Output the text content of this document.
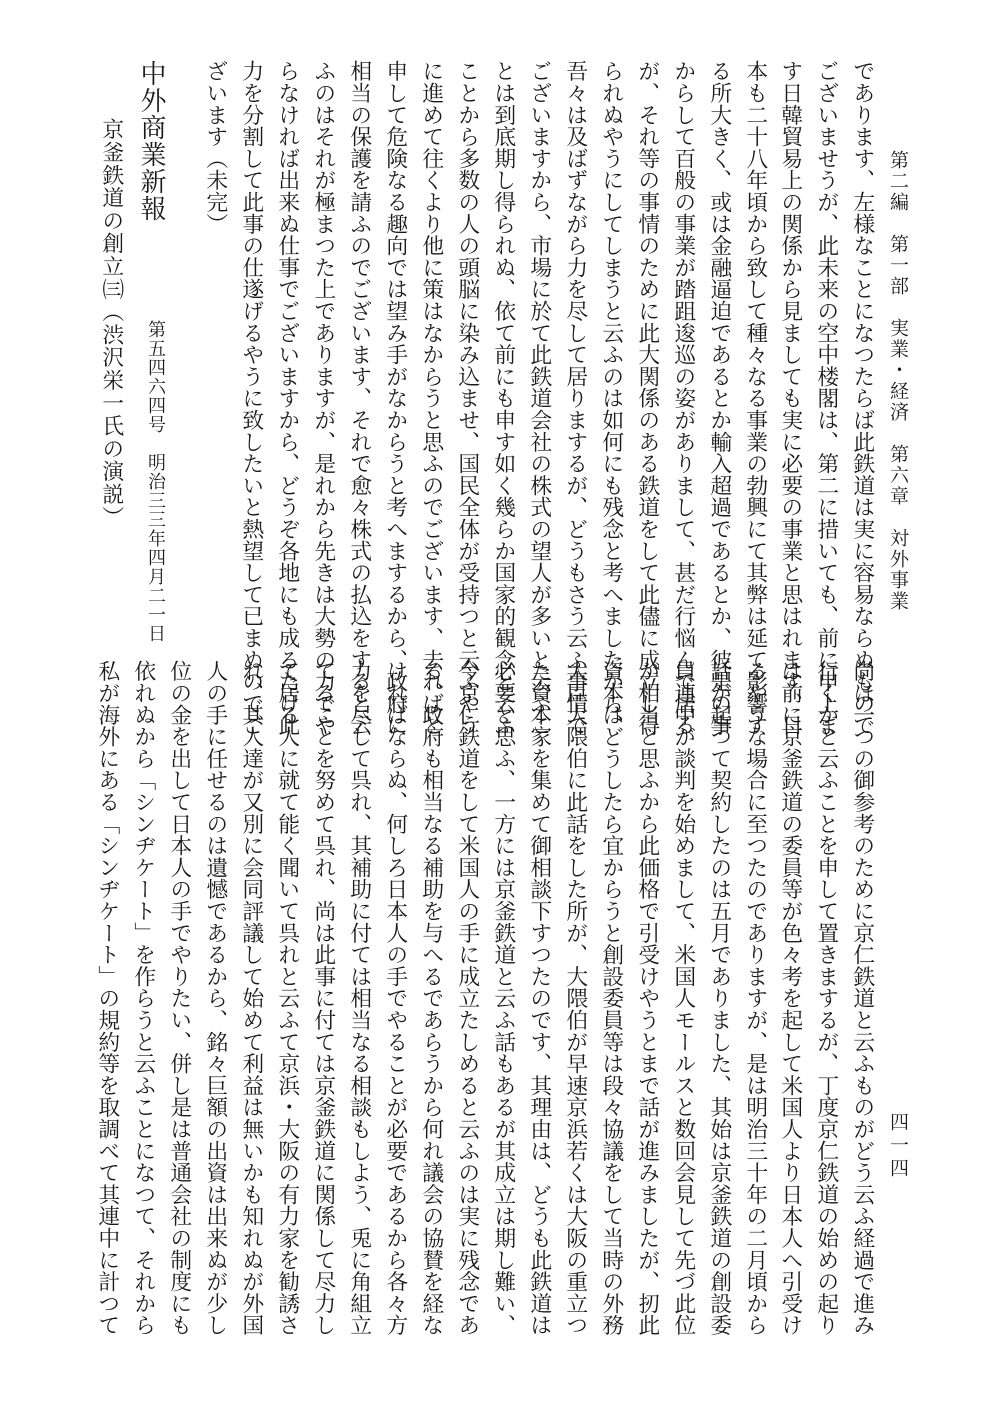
第二編　第一部　実業・経済　第六章　対外事業
四一四
であります、左様なことになつたらば此鉄道は実に容易ならぬもので
ございませうが、此未来の空中楼閣は、第二に措いても、前に申上ま
す日韓貿易上の関係から見ましても実に必要の事業と思はれます、日
本も二十八年頃から致して種々なる事業の勃興にて其弊は延て影響す
る所大きく、或は金融逼迫であるとか輸入超過であるとか、彼是の事
からして百般の事業が踏跙逡巡の姿がありまして、甚だ行悩んで居る
が、それ等の事情のために此大関係のある鉄道をして此儘に成立し得
られぬやうにしてしまうと云ふのは如何にも残念と考へましたから、
吾々は及ばずながら力を尽して居りまするが、どうもさう云ふ事情で
ございますから、市場に於て此鉄道会社の株式の望人が多いと云ふこ
とは到底期し得られぬ、依て前にも申す如く幾らか国家的観念と云ふ
ことから多数の人の頭脳に染み込ませ、国民全体が受持つと云ふやう
に進めて往くより他に策はなからうと思ふのでございます、去ればと
申して危険なる趣向では望み手がなからうと考へまするから、政府に
相当の保護を請ふのでございます、それで愈々株式の払込をすると云
ふのはそれが極まつた上でありますが、是れから先きは大勢の力でや
らなければ出来ぬ仕事でございますから、どうぞ各地にも成るたけ此
力を分割して此事の仕遂げるやうに致したいと熱望して已まぬのでご
ざいます（未完）
中外商業新報
第五四六四号　明治三三年四月二一日
京釜鉄道の創立㈢（渋沢栄一氏の演説）
尚ほ一つの御参考のために京仁鉄道と云ふものがどう云ふ経過で進み
行くかと云ふことを申して置きまするが、丁度京仁鉄道の始めの起り
は前に京釜鉄道の委員等が色々考を起して米国人より日本人へ引受け
るやうな場合に至つたのでありますが、是は明治三十年の二月頃から
話が起つて契約したのは五月でありました、其始は京釜鉄道の創設委
員連中が談判を始めまして、米国人モールスと数回会見して先づ此位
が相当と思ふから此価格で引受けやうとまで話が進みましたが、扨此
資本はどうしたら宜からうと創設委員等は段々協議をして当時の外務
大臣大隈伯に此話をした所が、大隈伯が早速京浜若くは大阪の重立つ
た資本家を集めて御相談下すつたのです、其理由は、どうも此鉄道は
必要と思ふ、一方には京釜鉄道と云ふ話もあるが其成立は期し難い、
今京仁鉄道をして米国人の手に成立たしめると云ふのは実に残念であ
る、政府も相当なる補助を与へるであらうから何れ議会の協賛を経な
ければならぬ、何しろ日本人の手でやることが必要であるから各々方
力を尽して呉れ、其補助に付ては相当なる相談もしよう、兎に角組立
てることを努めて呉れ、尚は此事に付ては京釜鉄道に関係して尽力し
て居る人に就て能く聞いて呉れと云ふて京浜・大阪の有力家を勧誘さ
れ、其人達が又別に会同評議して始めて利益は無いかも知れぬが外国
人の手に任せるのは遺憾であるから、銘々巨額の出資は出来ぬが少し
位の金を出して日本人の手でやりたい、併し是は普通会社の制度にも
依れぬから「シンヂケート」を作らうと云ふことになつて、それから
私が海外にある「シンヂケート」の規約等を取調べて其連中に計つて
